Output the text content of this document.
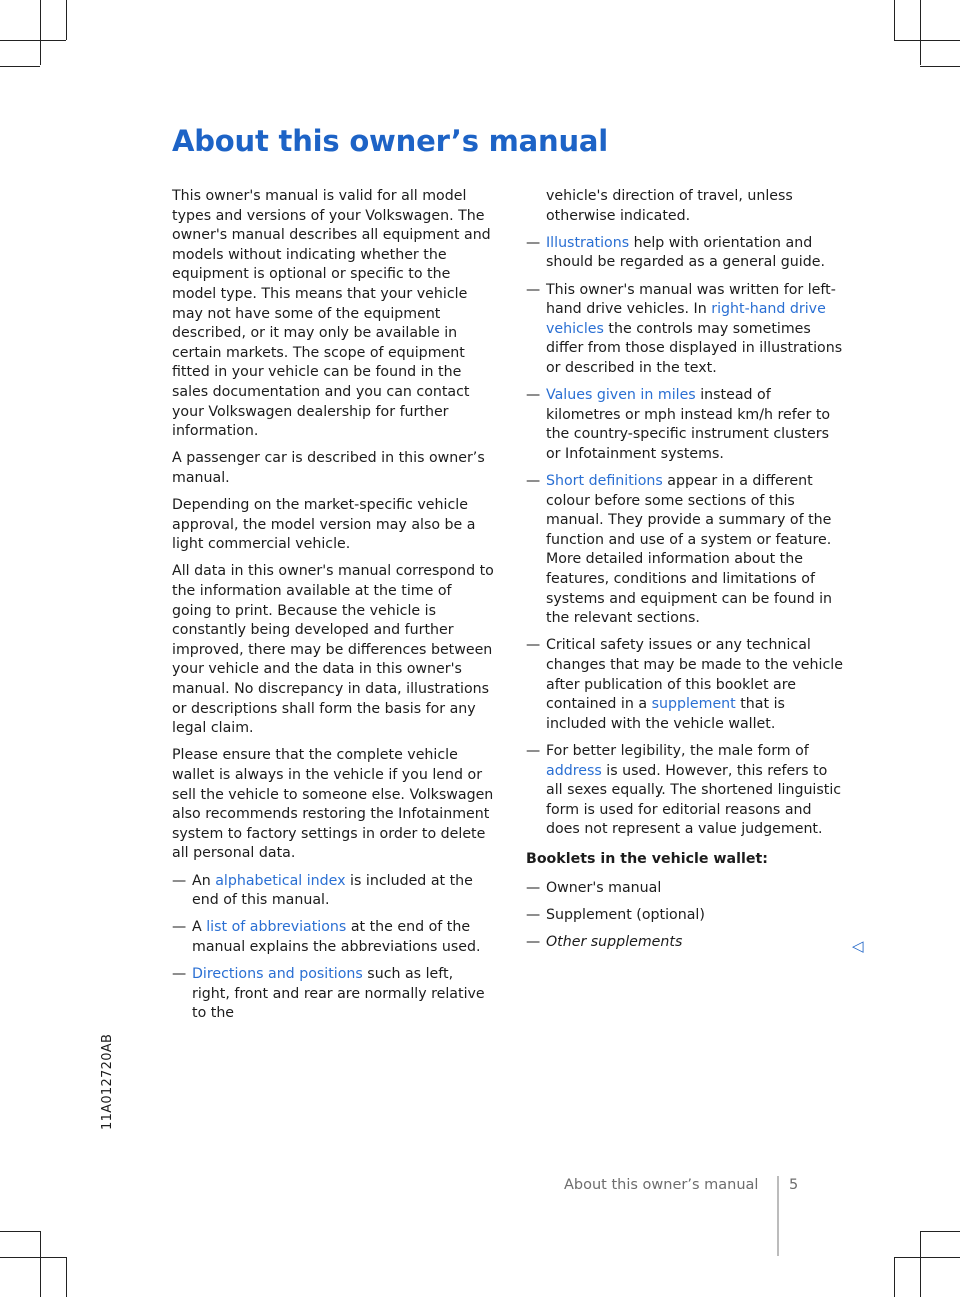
About this owner’s manual

This owner's manual is valid for all model types and versions of your Volkswagen. The owner's manual describes all equipment and models without indicating whether the equipment is optional or specific to the model type. This means that your vehicle may not have some of the equipment described, or it may only be available in certain markets. The scope of equipment fitted in your vehicle can be found in the sales documentation and you can contact your Volkswagen dealership for further information.

A passenger car is described in this owner’s manual.

Depending on the market-specific vehicle approval, the model version may also be a light commercial vehicle.

All data in this owner's manual correspond to the information available at the time of going to print. Because the vehicle is constantly being developed and further improved, there may be differences between your vehicle and the data in this owner's manual. No discrepancy in data, illustrations or descriptions shall form the basis for any legal claim.

Please ensure that the complete vehicle wallet is always in the vehicle if you lend or sell the vehicle to someone else. Volkswagen also recommends restoring the Infotainment system to factory settings in order to delete all personal data.

— An alphabetical index is included at the end of this manual.
— A list of abbreviations at the end of the manual explains the abbreviations used.
— Directions and positions such as left, right, front and rear are normally relative to the

vehicle's direction of travel, unless otherwise indicated.

— Illustrations help with orientation and should be regarded as a general guide.
— This owner's manual was written for left-hand drive vehicles. In right-hand drive vehicles the controls may sometimes differ from those displayed in illustrations or described in the text.
— Values given in miles instead of kilometres or mph instead km/h refer to the country-specific instrument clusters or Infotainment systems.
— Short definitions appear in a different colour before some sections of this manual. They provide a summary of the function and use of a system or feature. More detailed information about the features, conditions and limitations of systems and equipment can be found in the relevant sections.
— Critical safety issues or any technical changes that may be made to the vehicle after publication of this booklet are contained in a supplement that is included with the vehicle wallet.
— For better legibility, the male form of address is used. However, this refers to all sexes equally. The shortened linguistic form is used for editorial reasons and does not represent a value judgement.

Booklets in the vehicle wallet:

— Owner's manual
— Supplement (optional)
— Other supplements	◁
11A012720AB
About this owner’s manual 5
